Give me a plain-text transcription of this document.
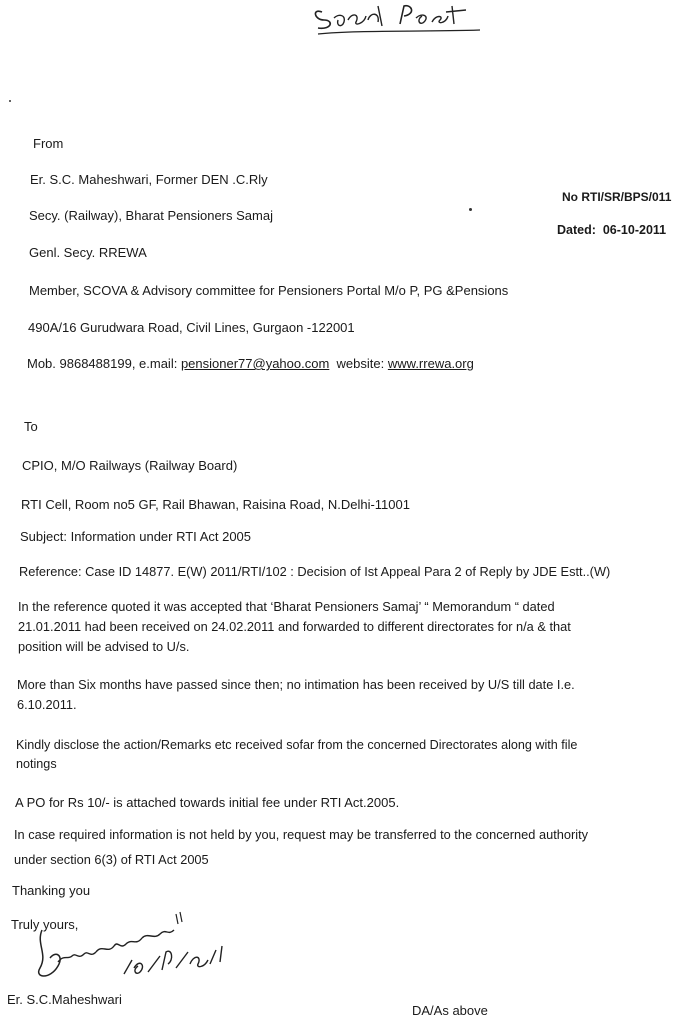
From
Er. S.C. Maheshwari, Former DEN .C.Rly
Secy. (Railway), Bharat Pensioners Samaj
Genl. Secy. RREWA
Member, SCOVA & Advisory committee for Pensioners Portal M/o P, PG &Pensions
490A/16 Gurudwara Road, Civil Lines, Gurgaon -122001
Mob. 9868488199, e.mail: pensioner77@yahoo.com website: www.rrewa.org
No RTI/SR/BPS/011
Dated: 06-10-2011
To
CPIO, M/O Railways (Railway Board)
RTI Cell, Room no5 GF, Rail Bhawan, Raisina Road, N.Delhi-11001
Subject: Information under RTI Act 2005
Reference: Case ID 14877. E(W) 2011/RTI/102 : Decision of Ist Appeal Para 2 of Reply by JDE Estt..(W)
In the reference quoted it was accepted that ‘Bharat Pensioners Samaj’ “ Memorandum “ dated
21.01.2011 had been received on 24.02.2011 and forwarded to different directorates for n/a & that
position will be advised to U/s.
More than Six months have passed since then; no intimation has been received by U/S till date I.e.
6.10.2011.
Kindly disclose the action/Remarks etc received sofar from the concerned Directorates along with file
notings
A PO for Rs 10/- is attached towards initial fee under RTI Act.2005.
In case required information is not held by you, request may be transferred to the concerned authority
under section 6(3) of RTI Act 2005
Thanking you
Truly yours,
Er. S.C.Maheshwari
DA/As above
